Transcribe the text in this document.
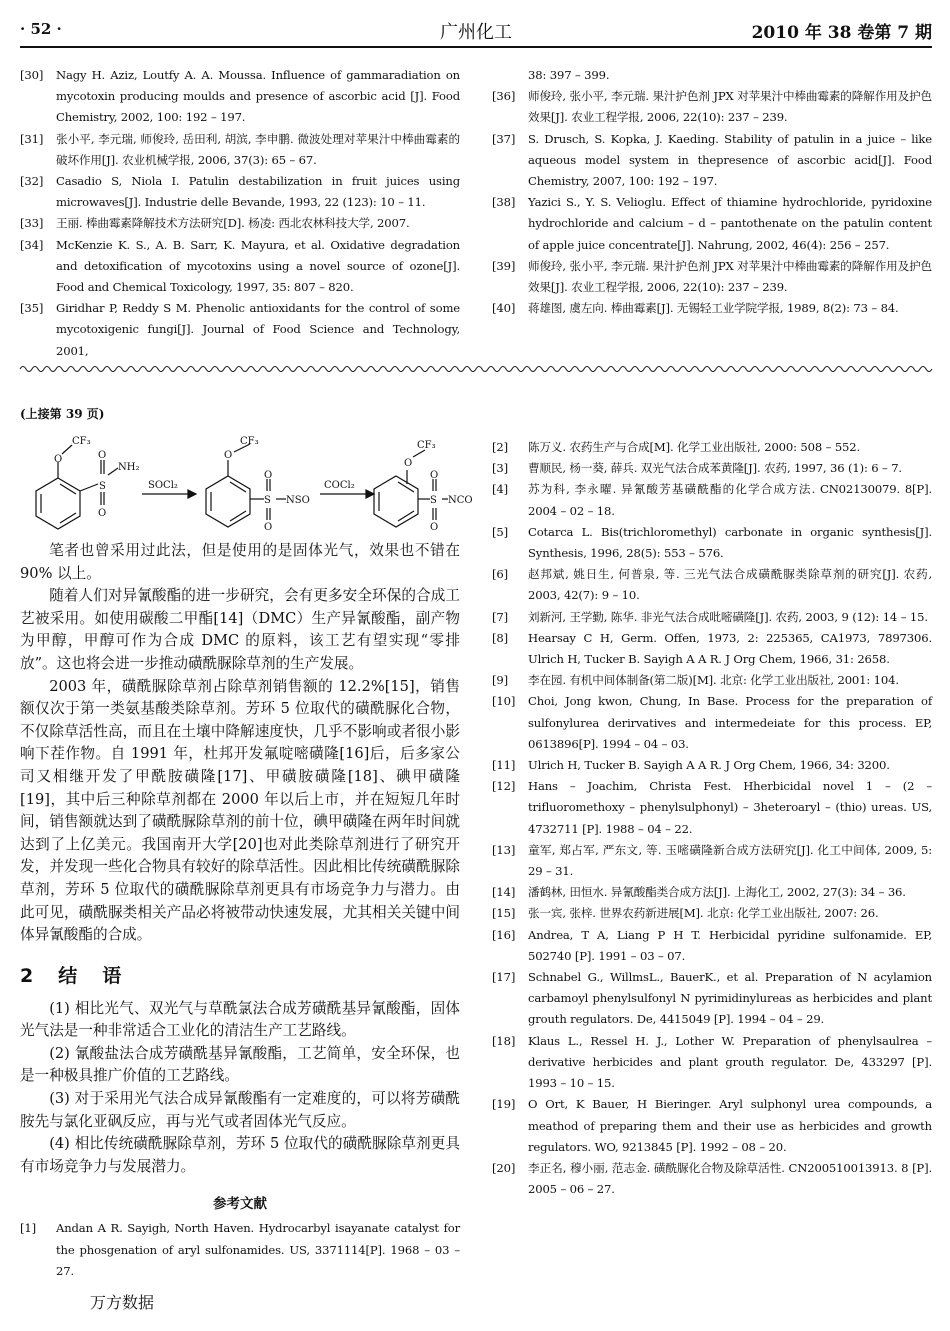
· 52 ·	广州化工	2010 年 38 卷第 7 期
[30]	Nagy H. Aziz, Loutfy A. A. Moussa. Influence of gammaradiation on mycotoxin producing moulds and presence of ascorbic acid [J]. Food Chemistry, 2002, 100: 192 – 197.
[31]	张小平, 李元瑞, 师俊玲, 岳田利, 胡滨, 李申鹏. 微波处理对苹果汁中棒曲霉素的破坏作用[J]. 农业机械学报, 2006, 37(3): 65 – 67.
[32]	Casadio S, Niola I. Patulin destabilization in fruit juices using microwaves[J]. Industrie delle Bevande, 1993, 22 (123): 10 – 11.
[33]	王丽. 棒曲霉素降解技术方法研究[D]. 杨凌: 西北农林科技大学, 2007.
[34]	McKenzie K. S., A. B. Sarr, K. Mayura, et al. Oxidative degradation and detoxification of mycotoxins using a novel source of ozone[J]. Food and Chemical Toxicology, 1997, 35: 807 – 820.
[35]	Giridhar P, Reddy S M. Phenolic antioxidants for the control of some mycotoxigenic fungi[J]. Journal of Food Science and Technology, 2001,
38: 397 – 399.
[36]	师俊玲, 张小平, 李元瑞. 果汁护色剂 JPX 对苹果汁中棒曲霉素的降解作用及护色效果[J]. 农业工程学报, 2006, 22(10): 237 – 239.
[37]	S. Drusch, S. Kopka, J. Kaeding. Stability of patulin in a juice – like aqueous model system in thepresence of ascorbic acid[J]. Food Chemistry, 2007, 100: 192 – 197.
[38]	Yazici S., Y. S. Velioglu. Effect of thiamine hydrochloride, pyridoxine hydrochloride and calcium – d – pantothenate on the patulin content of apple juice concentrate[J]. Nahrung, 2002, 46(4): 256 – 257.
[39]	师俊玲, 张小平, 李元瑞. 果汁护色剂 JPX 对苹果汁中棒曲霉素的降解作用及护色效果[J]. 农业工程学报, 2006, 22(10): 237 – 239.
[40]	蒋雄图, 虞左向. 棒曲霉素[J]. 无锡轻工业学院学报, 1989, 8(2): 73 – 84.
(上接第 39 页)
CF₃
O	O
S
NH₂
O
SOCl₂
O
CF₃
O
S
O
NSO
COCl₂
O
CF₃
O
S
O
NCO
笔者也曾采用过此法，但是使用的是固体光气，效果也不错在 90% 以上。
随着人们对异氰酸酯的进一步研究，会有更多安全环保的合成工艺被采用。如使用碳酸二甲酯[14]（DMC）生产异氰酸酯，副产物为甲醇，甲醇可作为合成 DMC 的原料，该工艺有望实现“零排放”。这也将会进一步推动磺酰脲除草剂的生产发展。
2003 年，磺酰脲除草剂占除草剂销售额的 12.2%[15]，销售额仅次于第一类氨基酸类除草剂。芳环 5 位取代的磺酰脲化合物，不仅除草活性高，而且在土壤中降解速度快，几乎不影响或者很小影响下茬作物。自 1991 年，杜邦开发氟啶嘧磺隆[16]后，后多家公司又相继开发了甲酰胺磺隆[17]、甲磺胺磺隆[18]、碘甲磺隆[19]，其中后三种除草剂都在 2000 年以后上市，并在短短几年时间，销售额就达到了磺酰脲除草剂的前十位，碘甲磺隆在两年时间就达到了上亿美元。我国南开大学[20]也对此类除草剂进行了研究开发，并发现一些化合物具有较好的除草活性。因此相比传统磺酰脲除草剂，芳环 5 位取代的磺酰脲除草剂更具有市场竞争力与潜力。由此可见，磺酰脲类相关产品必将被带动快速发展，尤其相关关键中间体异氰酸酯的合成。
2　结　语
(1) 相比光气、双光气与草酰氯法合成芳磺酰基异氰酸酯，固体光气法是一种非常适合工业化的清洁生产工艺路线。
(2) 氰酸盐法合成芳磺酰基异氰酸酯，工艺简单，安全环保，也是一种极具推广价值的工艺路线。
(3) 对于采用光气法合成异氰酸酯有一定难度的，可以将芳磺酰胺先与氯化亚砜反应，再与光气或者固体光气反应。
(4) 相比传统磺酰脲除草剂，芳环 5 位取代的磺酰脲除草剂更具有市场竞争力与发展潜力。
参考文献
[1]	Andan A R. Sayigh, North Haven. Hydrocarbyl isayanate catalyst for the phosgenation of aryl sulfonamides. US, 3371114[P]. 1968 – 03 – 27.
[2]	陈万义. 农药生产与合成[M]. 化学工业出版社, 2000: 508 – 552.
[3]	曹顺民, 杨一葵, 薛兵. 双光气法合成苯黄隆[J]. 农药, 1997, 36 (1): 6 – 7.
[4]	苏为科, 李永曜. 异氰酸芳基磺酰酯的化学合成方法. CN02130079. 8[P]. 2004 – 02 – 18.
[5]	Cotarca L. Bis(trichloromethyl) carbonate in organic synthesis[J]. Synthesis, 1996, 28(5): 553 – 576.
[6]	赵邦斌, 姚日生, 何普泉, 等. 三光气法合成磺酰脲类除草剂的研究[J]. 农药, 2003, 42(7): 9 – 10.
[7]	刘新河, 王学勤, 陈华. 非光气法合成吡嘧磺隆[J]. 农药, 2003, 9 (12): 14 – 15.
[8]	Hearsay C H, Germ. Offen, 1973, 2: 225365, CA1973, 7897306. Ulrich H, Tucker B. Sayigh A A R. J Org Chem, 1966, 31: 2658.
[9]	李在园. 有机中间体制备(第二版)[M]. 北京: 化学工业出版社, 2001: 104.
[10]	Choi, Jong kwon, Chung, In Base. Process for the preparation of sulfonylurea derirvatives and intermedeiate for this process. EP, 0613896[P]. 1994 – 04 – 03.
[11]	Ulrich H, Tucker B. Sayigh A A R. J Org Chem, 1966, 34: 3200.
[12]	Hans – Joachim, Christa Fest. Hherbicidal novel 1 – (2 – trifluoromethoxy – phenylsulphonyl) – 3heteroaryl – (thio) ureas. US, 4732711 [P]. 1988 – 04 – 22.
[13]	童军, 郑占军, 严东文, 等. 玉嘧磺隆新合成方法研究[J]. 化工中间体, 2009, 5: 29 – 31.
[14]	潘鹤林, 田恒水. 异氰酸酯类合成方法[J]. 上海化工, 2002, 27(3): 34 – 36.
[15]	张一宾, 张梓. 世界农药新进展[M]. 北京: 化学工业出版社, 2007: 26.
[16]	Andrea, T A, Liang P H T. Herbicidal pyridine sulfonamide. EP, 502740 [P]. 1991 – 03 – 07.
[17]	Schnabel G., WillmsL., BauerK., et al. Preparation of N acylamion carbamoyl phenylsulfonyl N pyrimidinylureas as herbicides and plant grouth regulators. De, 4415049 [P]. 1994 – 04 – 29.
[18]	Klaus L., Ressel H. J., Lother W. Preparation of phenylsaulrea – derivative herbicides and plant grouth regulator. De, 433297 [P]. 1993 – 10 – 15.
[19]	O Ort, K Bauer, H Bieringer. Aryl sulphonyl urea compounds, a meathod of preparing them and their use as herbicides and growth regulators. WO, 9213845 [P]. 1992 – 08 – 20.
[20]	李正名, 穆小丽, 范志金. 磺酰脲化合物及除草活性. CN200510013913. 8 [P]. 2005 – 06 – 27.
万方数据
